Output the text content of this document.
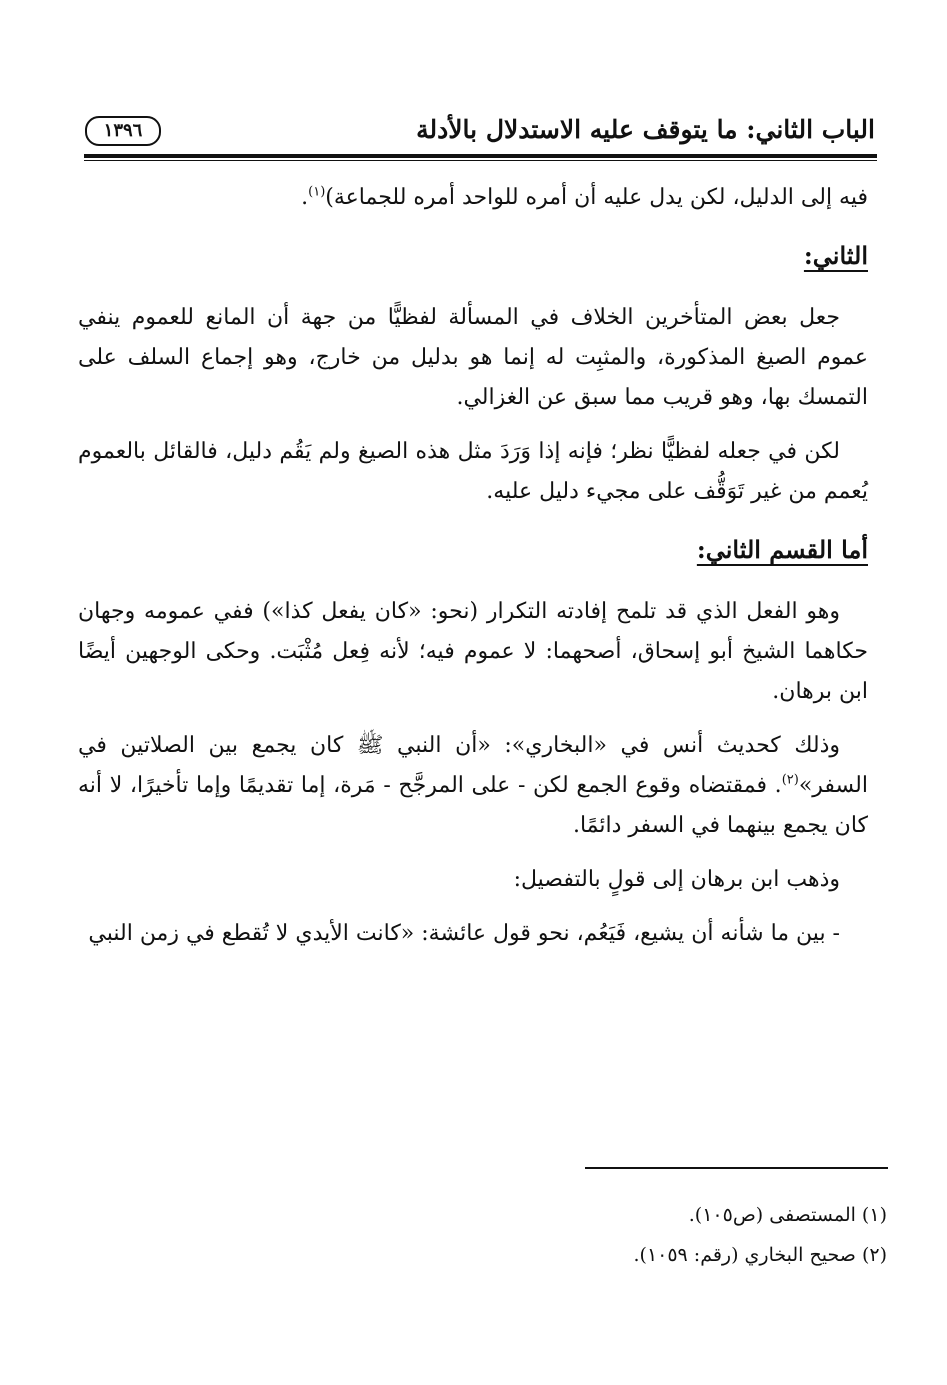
الباب الثاني: ما يتوقف عليه الاستدلال بالأدلة
١٣٩٦

فيه إلى الدليل، لكن يدل عليه أن أمره للواحد أمره للجماعة)$^{(١)}$.

الثاني:

جعل بعض المتأخرين الخلاف في المسألة لفظيًّا من جهة أن المانع للعموم ينفي عموم الصيغ المذكورة، والمثبِت له إنما هو بدليل من خارج، وهو إجماع السلف على التمسك بها، وهو قريب مما سبق عن الغزالي.

لكن في جعله لفظيًّا نظر؛ فإنه إذا وَرَدَ مثل هذه الصيغ ولم يَقُم دليل، فالقائل بالعموم يُعمم من غير تَوَقُّف على مجيء دليل عليه.

أما القسم الثاني:

وهو الفعل الذي قد تلمح إفادته التكرار (نحو: «كان يفعل كذا») ففي عمومه وجهان حكاهما الشيخ أبو إسحاق، أصحهما: لا عموم فيه؛ لأنه فِعل مُثْبَت. وحكى الوجهين أيضًا ابن برهان.

وذلك كحديث أنس في «البخاري»: «أن النبي ﷺ كان يجمع بين الصلاتين في السفر»$^{(٢)}$. فمقتضاه وقوع الجمع لكن - على المرجَّح - مَرة، إما تقديمًا وإما تأخيرًا، لا أنه كان يجمع بينهما في السفر دائمًا.

وذهب ابن برهان إلى قولٍ بالتفصيل:

- بين ما شأنه أن يشيع، فَيَعُم، نحو قول عائشة: «كانت الأيدي لا تُقطع في زمن النبي

(١) المستصفى (ص١٠٥).

(٢) صحيح البخاري (رقم: ١٠٥٩).
